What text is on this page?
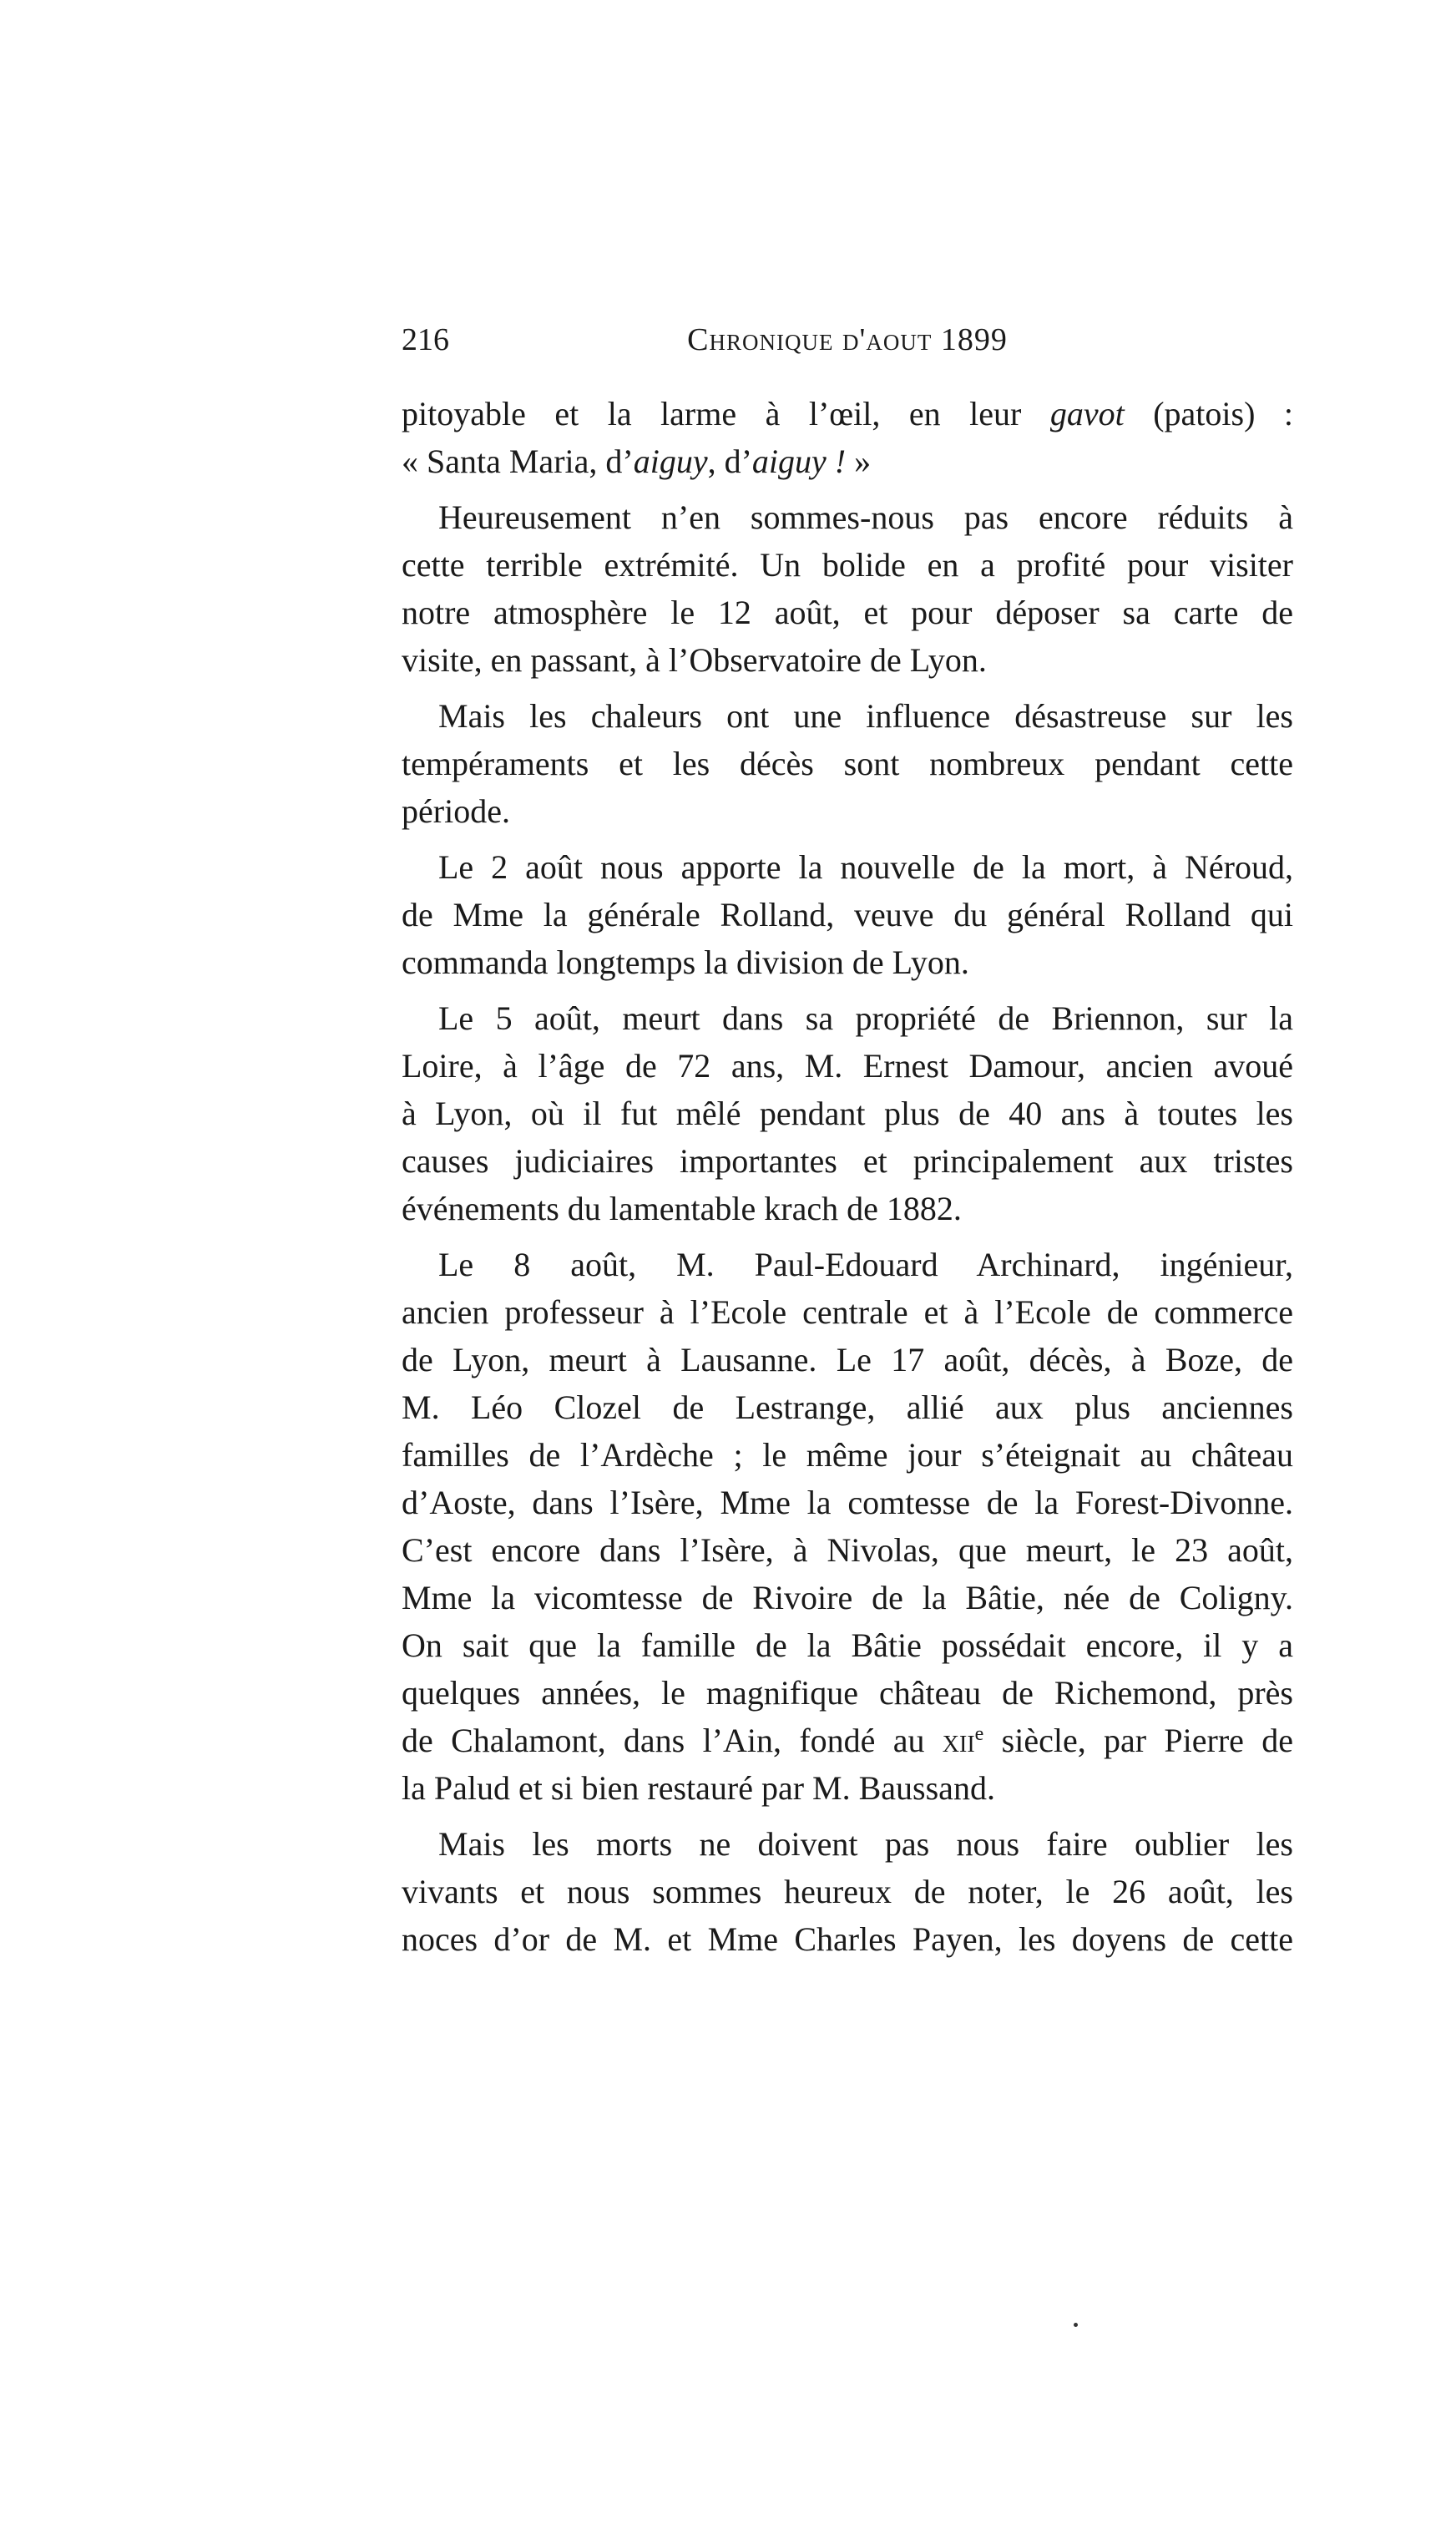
216	Chronique d'aout 1899
pitoyable et la larme à l’œil, en leur gavot (patois) :
« Santa Maria, d’aiguy, d’aiguy ! »
Heureusement n’en sommes-nous pas encore réduits à
cette terrible extrémité. Un bolide en a profité pour visiter
notre atmosphère le 12 août, et pour déposer sa carte de
visite, en passant, à l’Observatoire de Lyon.
Mais les chaleurs ont une influence désastreuse sur les
tempéraments et les décès sont nombreux pendant cette
période.
Le 2 août nous apporte la nouvelle de la mort, à Néroud,
de Mme la générale Rolland, veuve du général Rolland qui
commanda longtemps la division de Lyon.
Le 5 août, meurt dans sa propriété de Briennon, sur la
Loire, à l’âge de 72 ans, M. Ernest Damour, ancien avoué
à Lyon, où il fut mêlé pendant plus de 40 ans à toutes les
causes judiciaires importantes et principalement aux tristes
événements du lamentable krach de 1882.
Le 8 août, M. Paul-Edouard Archinard, ingénieur,
ancien professeur à l’Ecole centrale et à l’Ecole de commerce
de Lyon, meurt à Lausanne. Le 17 août, décès, à Boze, de
M. Léo Clozel de Lestrange, allié aux plus anciennes
familles de l’Ardèche ; le même jour s’éteignait au château
d’Aoste, dans l’Isère, Mme la comtesse de la Forest-Divonne.
C’est encore dans l’Isère, à Nivolas, que meurt, le 23 août,
Mme la vicomtesse de Rivoire de la Bâtie, née de Coligny.
On sait que la famille de la Bâtie possédait encore, il y a
quelques années, le magnifique château de Richemond, près
de Chalamont, dans l’Ain, fondé au xii$^e$ siècle, par Pierre de
la Palud et si bien restauré par M. Baussand.
Mais les morts ne doivent pas nous faire oublier les
vivants et nous sommes heureux de noter, le 26 août, les
noces d’or de M. et Mme Charles Payen, les doyens de cette
